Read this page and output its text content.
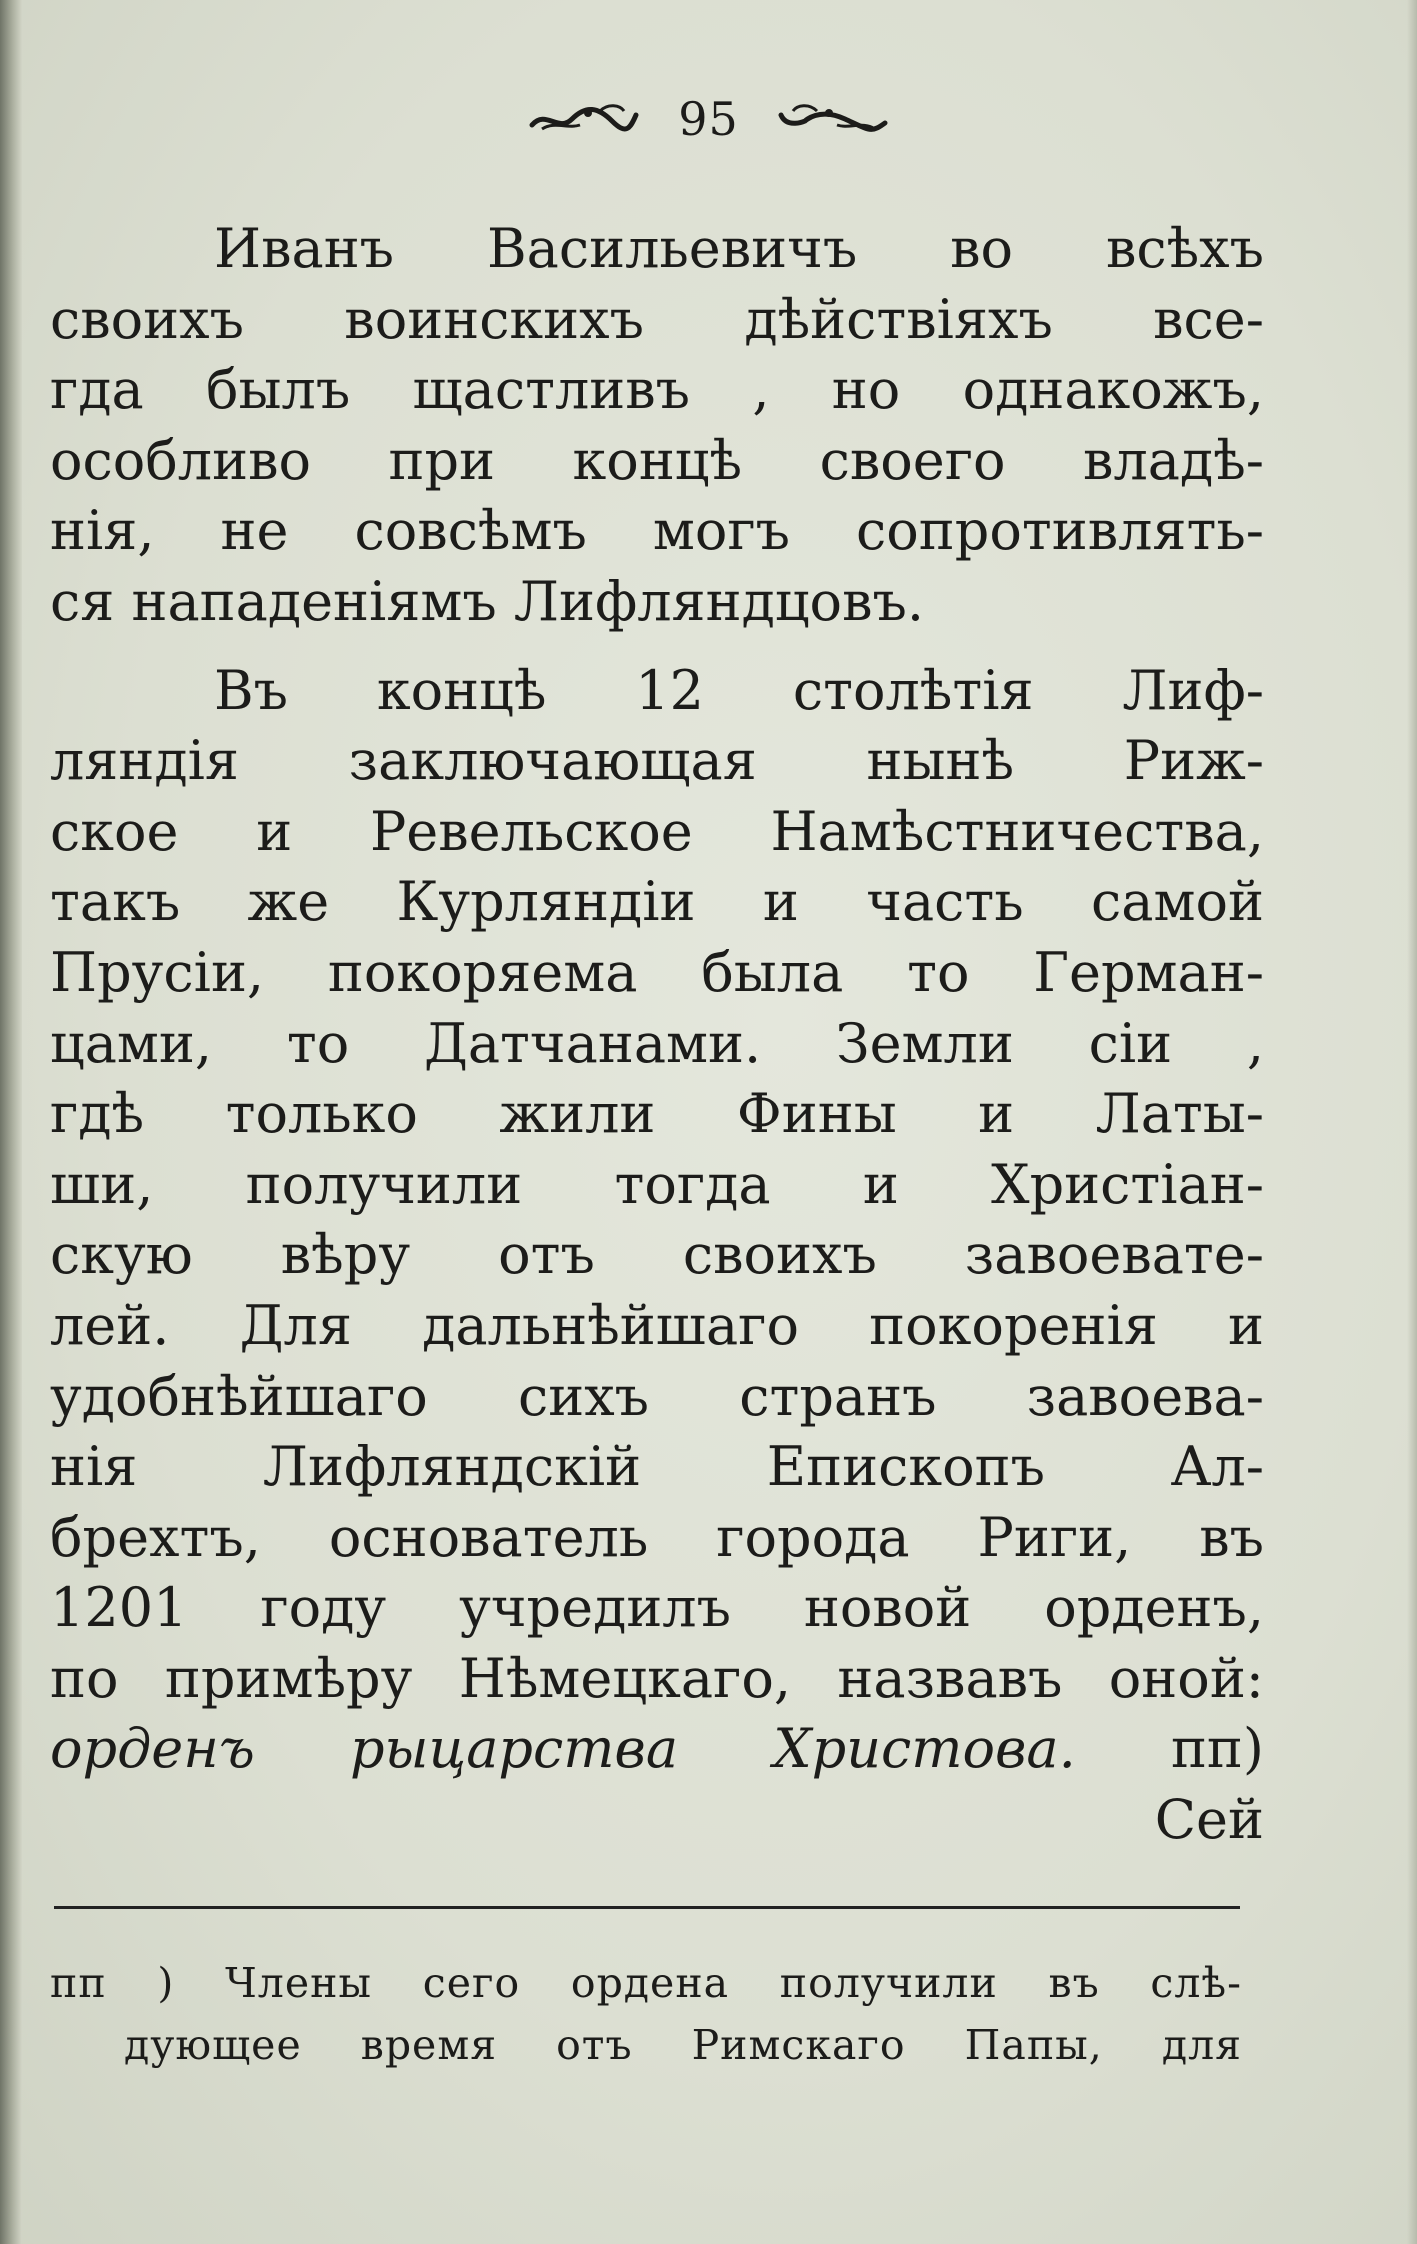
95
Иванъ Васильевичъ во всѣхъ
своихъ воинскихъ дѣйствіяхъ все-
гда былъ щастливъ , но однакожъ,
особливо при концѣ своего владѣ-
нія, не совсѣмъ могъ сопротивлять-
ся нападеніямъ Лифляндцовъ.
Въ концѣ 12 столѣтія Лиф-
ляндія заключающая нынѣ Риж-
ское и Ревельское Намѣстничества,
такъ же Курляндіи и часть самой
Прусіи, покоряема была то Герман-
цами, то Датчанами. Земли сіи ,
гдѣ только жили Фины и Латы-
ши, получили тогда и Христіан-
скую вѣру отъ своихъ завоевате-
лей. Для дальнѣйшаго покоренія и
удобнѣйшаго сихъ странъ завоева-
нія Лифляндскій Епископъ Ал-
брехтъ, основатель города Риги, въ
1201 году учредилъ новой орденъ,
по примѣру Нѣмецкаго, назвавъ оной:
орденъ рыцарства Христова. пп)
Сей
пп ) Члены сего ордена получили въ слѣ-
дующее время отъ Римскаго Папы, для
